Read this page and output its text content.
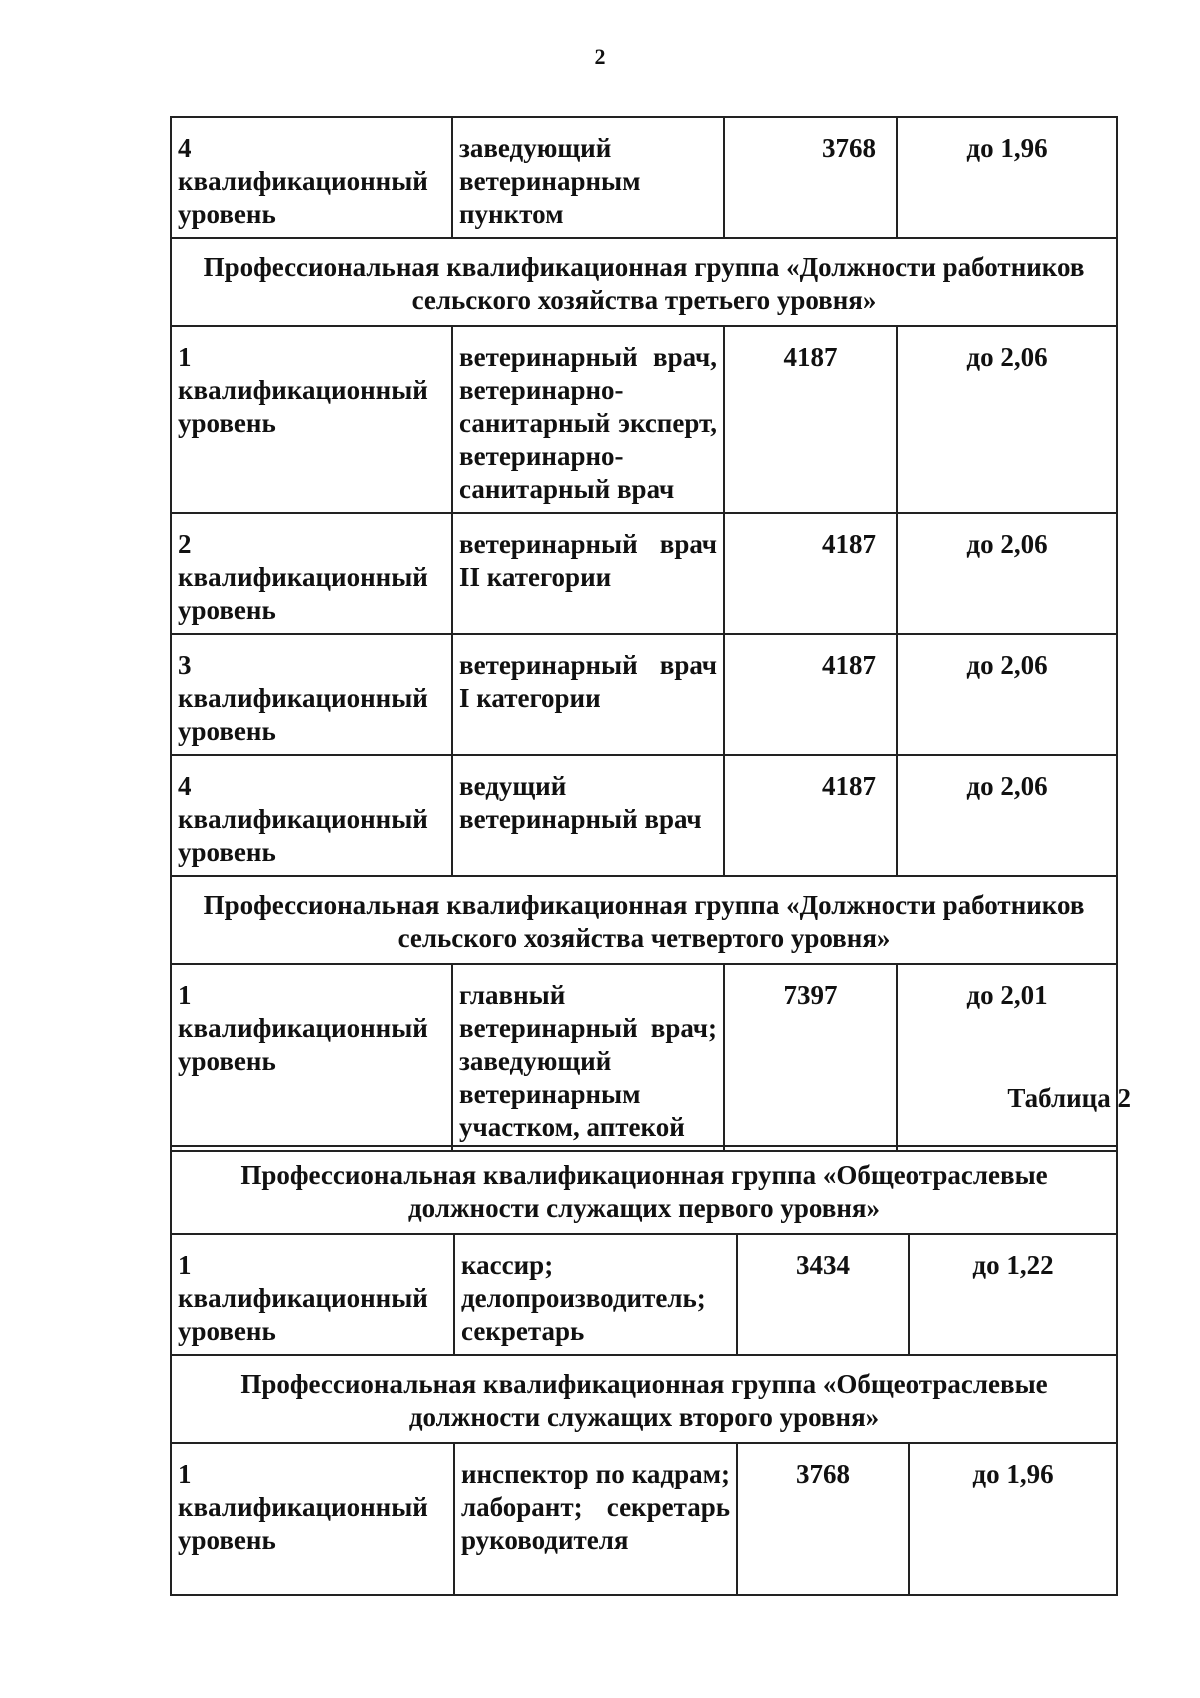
2
4 квалификационный уровень	заведующий ветеринарным пунктом	3768	до 1,96
Профессиональная квалификационная группа «Должности работников сельского хозяйства третьего уровня»			
1 квалификационный уровень	ветеринарный врач, ветеринарно-санитарный эксперт, ветеринарно-санитарный врач	4187	до 2,06
2 квалификационный уровень	ветеринарный врач II категории	4187	до 2,06
3 квалификационный уровень	ветеринарный врач I категории	4187	до 2,06
4 квалификационный уровень	ведущий ветеринарный врач	4187	до 2,06
Профессиональная квалификационная группа «Должности работников сельского хозяйства четвертого уровня»			
1 квалификационный уровень	главный ветеринарный врач; заведующий ветеринарным участком, аптекой	7397	до 2,01
Таблица 2
Профессиональная квалификационная группа «Общеотраслевые должности служащих первого уровня»			
1 квалификационный уровень	кассир; делопроизводитель; секретарь	3434	до 1,22
Профессиональная квалификационная группа «Общеотраслевые должности служащих второго уровня»			
1 квалификационный уровень	инспектор по кадрам; лаборант; секретарь руководителя	3768	до 1,96
